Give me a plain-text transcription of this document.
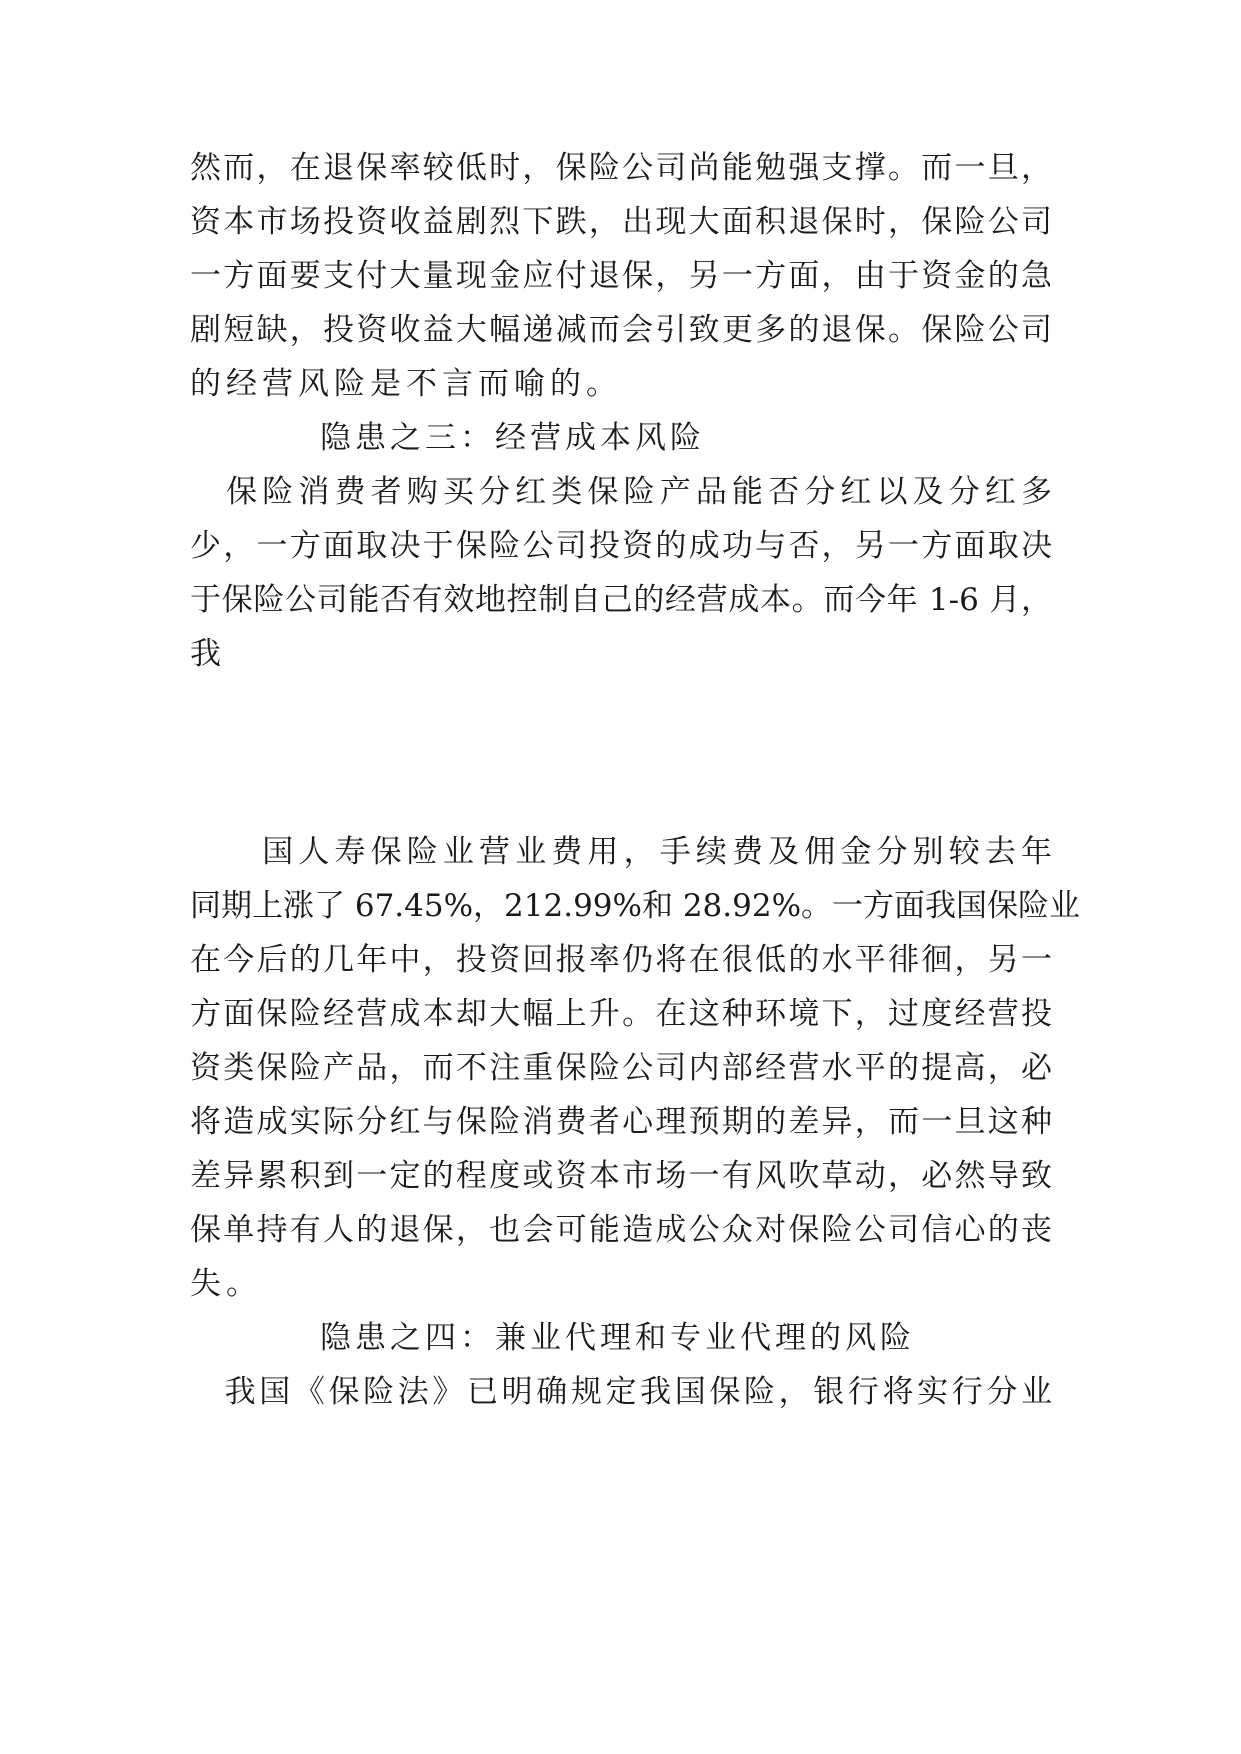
然而，在退保率较低时，保险公司尚能勉强支撑。而一旦，
资本市场投资收益剧烈下跌，出现大面积退保时，保险公司
一方面要支付大量现金应付退保，另一方面，由于资金的急
剧短缺，投资收益大幅递减而会引致更多的退保。保险公司
的经营风险是不言而喻的。
隐患之三：经营成本风险
　保险消费者购买分红类保险产品能否分红以及分红多
少，一方面取决于保险公司投资的成功与否，另一方面取决
于保险公司能否有效地控制自己的经营成本。而今年 1-6 月，
我
　　国人寿保险业营业费用，手续费及佣金分别较去年
同期上涨了 67.45%，212.99%和 28.92%。一方面我国保险业
在今后的几年中，投资回报率仍将在很低的水平徘徊，另一
方面保险经营成本却大幅上升。在这种环境下，过度经营投
资类保险产品，而不注重保险公司内部经营水平的提高，必
将造成实际分红与保险消费者心理预期的差异，而一旦这种
差异累积到一定的程度或资本市场一有风吹草动，必然导致
保单持有人的退保，也会可能造成公众对保险公司信心的丧
失。
隐患之四：兼业代理和专业代理的风险
　我国《保险法》已明确规定我国保险，银行将实行分业
